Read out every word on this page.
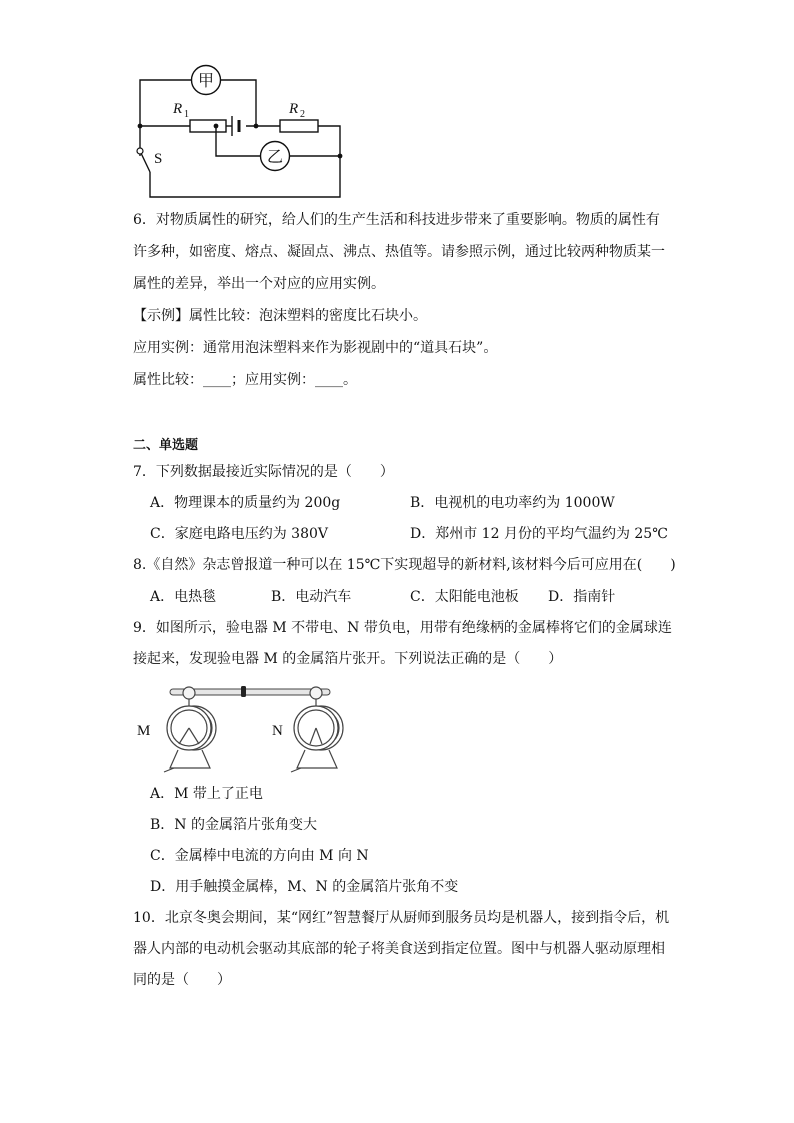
甲
乙
R 1	R 2
S
6．对物质属性的研究，给人们的生产生活和科技进步带来了重要影响。物质的属性有
许多种，如密度、熔点、凝固点、沸点、热值等。请参照示例，通过比较两种物质某一
属性的差异，举出一个对应的应用实例。
【示例】属性比较：泡沫塑料的密度比石块小。
应用实例：通常用泡沫塑料来作为影视剧中的“道具石块”。
属性比较：____；应用实例：____。
二、单选题
7．下列数据最接近实际情况的是（　　）
A．物理课本的质量约为 200g	B．电视机的电功率约为 1000W
C．家庭电路电压约为 380V	D．郑州市 12 月份的平均气温约为 25℃
8.《自然》杂志曾报道一种可以在 15℃下实现超导的新材料,该材料今后可应用在(　　)
A．电热毯	B．电动汽车	C．太阳能电池板 D．指南针
9．如图所示，验电器 M 不带电、N 带负电，用带有绝缘柄的金属棒将它们的金属球连
接起来，发现验电器 M 的金属箔片张开。下列说法正确的是（　　）
M	N
A．M 带上了正电
B．N 的金属箔片张角变大
C．金属棒中电流的方向由 M 向 N
D．用手触摸金属棒，M、N 的金属箔片张角不变
10．北京冬奥会期间，某“网红”智慧餐厅从厨师到服务员均是机器人，接到指令后，机
器人内部的电动机会驱动其底部的轮子将美食送到指定位置。图中与机器人驱动原理相
同的是（　　）
